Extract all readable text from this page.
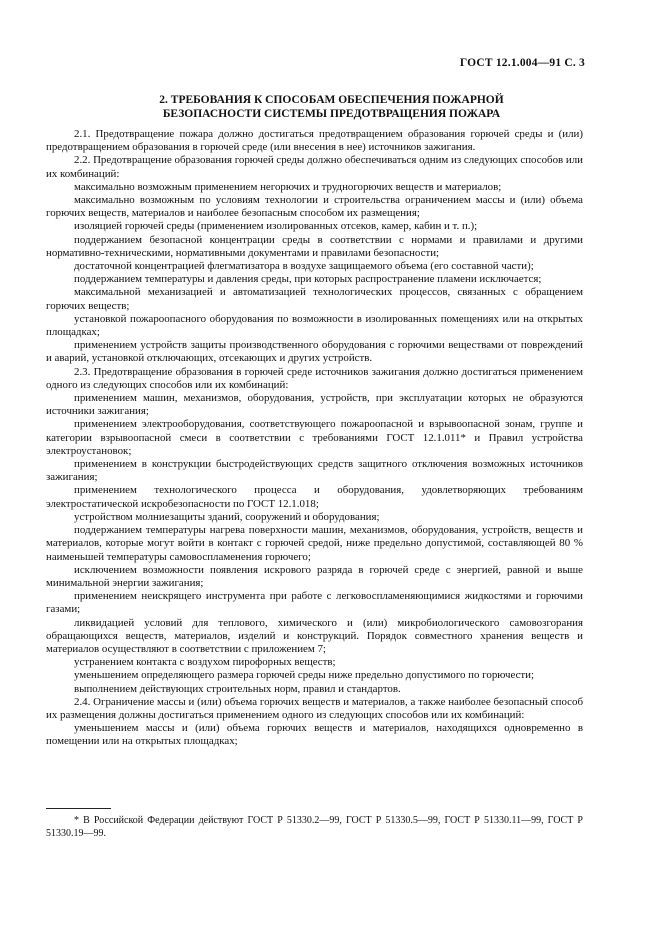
ГОСТ 12.1.004—91 С. 3
2. ТРЕБОВАНИЯ К СПОСОБАМ ОБЕСПЕЧЕНИЯ ПОЖАРНОЙ
БЕЗОПАСНОСТИ СИСТЕМЫ ПРЕДОТВРАЩЕНИЯ ПОЖАРА

2.1. Предотвращение пожара должно достигаться предотвращением образования горючей среды и (или) предотвращением образования в горючей среде (или внесения в нее) источников зажигания.

2.2. Предотвращение образования горючей среды должно обеспечиваться одним из следующих способов или их комбинаций:

максимально возможным применением негорючих и трудногорючих веществ и материалов;

максимально возможным по условиям технологии и строительства ограничением массы и (или) объема горючих веществ, материалов и наиболее безопасным способом их размещения;

изоляцией горючей среды (применением изолированных отсеков, камер, кабин и т. п.);

поддержанием безопасной концентрации среды в соответствии с нормами и правилами и другими нормативно-техническими, нормативными документами и правилами безопасности;

достаточной концентрацией флегматизатора в воздухе защищаемого объема (его составной части);

поддержанием температуры и давления среды, при которых распространение пламени исключается;

максимальной механизацией и автоматизацией технологических процессов, связанных с обращением горючих веществ;

установкой пожароопасного оборудования по возможности в изолированных помещениях или на открытых площадках;

применением устройств защиты производственного оборудования с горючими веществами от повреждений и аварий, установкой отключающих, отсекающих и других устройств.

2.3. Предотвращение образования в горючей среде источников зажигания должно достигаться применением одного из следующих способов или их комбинаций:

применением машин, механизмов, оборудования, устройств, при эксплуатации которых не образуются источники зажигания;

применением электрооборудования, соответствующего пожароопасной и взрывоопасной зонам, группе и категории взрывоопасной смеси в соответствии с требованиями ГОСТ 12.1.011* и Правил устройства электроустановок;

применением в конструкции быстродействующих средств защитного отключения возможных источников зажигания;

применением технологического процесса и оборудования, удовлетворяющих требованиям электростатической искробезопасности по ГОСТ 12.1.018;

устройством молниезащиты зданий, сооружений и оборудования;

поддержанием температуры нагрева поверхности машин, механизмов, оборудования, устройств, веществ и материалов, которые могут войти в контакт с горючей средой, ниже предельно допустимой, составляющей 80 % наименьшей температуры самовоспламенения горючего;

исключением возможности появления искрового разряда в горючей среде с энергией, равной и выше минимальной энергии зажигания;

применением неискрящего инструмента при работе с легковоспламеняющимися жидкостями и горючими газами;

ликвидацией условий для теплового, химического и (или) микробиологического самовозгорания обращающихся веществ, материалов, изделий и конструкций. Порядок совместного хранения веществ и материалов осуществляют в соответствии с приложением 7;

устранением контакта с воздухом пирофорных веществ;

уменьшением определяющего размера горючей среды ниже предельно допустимого по горючести;

выполнением действующих строительных норм, правил и стандартов.

2.4. Ограничение массы и (или) объема горючих веществ и материалов, а также наиболее безопасный способ их размещения должны достигаться применением одного из следующих способов или их комбинаций:

уменьшением массы и (или) объема горючих веществ и материалов, находящихся одновременно в помещении или на открытых площадках;

* В Российской Федерации действуют ГОСТ Р 51330.2—99, ГОСТ Р 51330.5—99, ГОСТ Р 51330.11—99, ГОСТ Р 51330.19—99.
